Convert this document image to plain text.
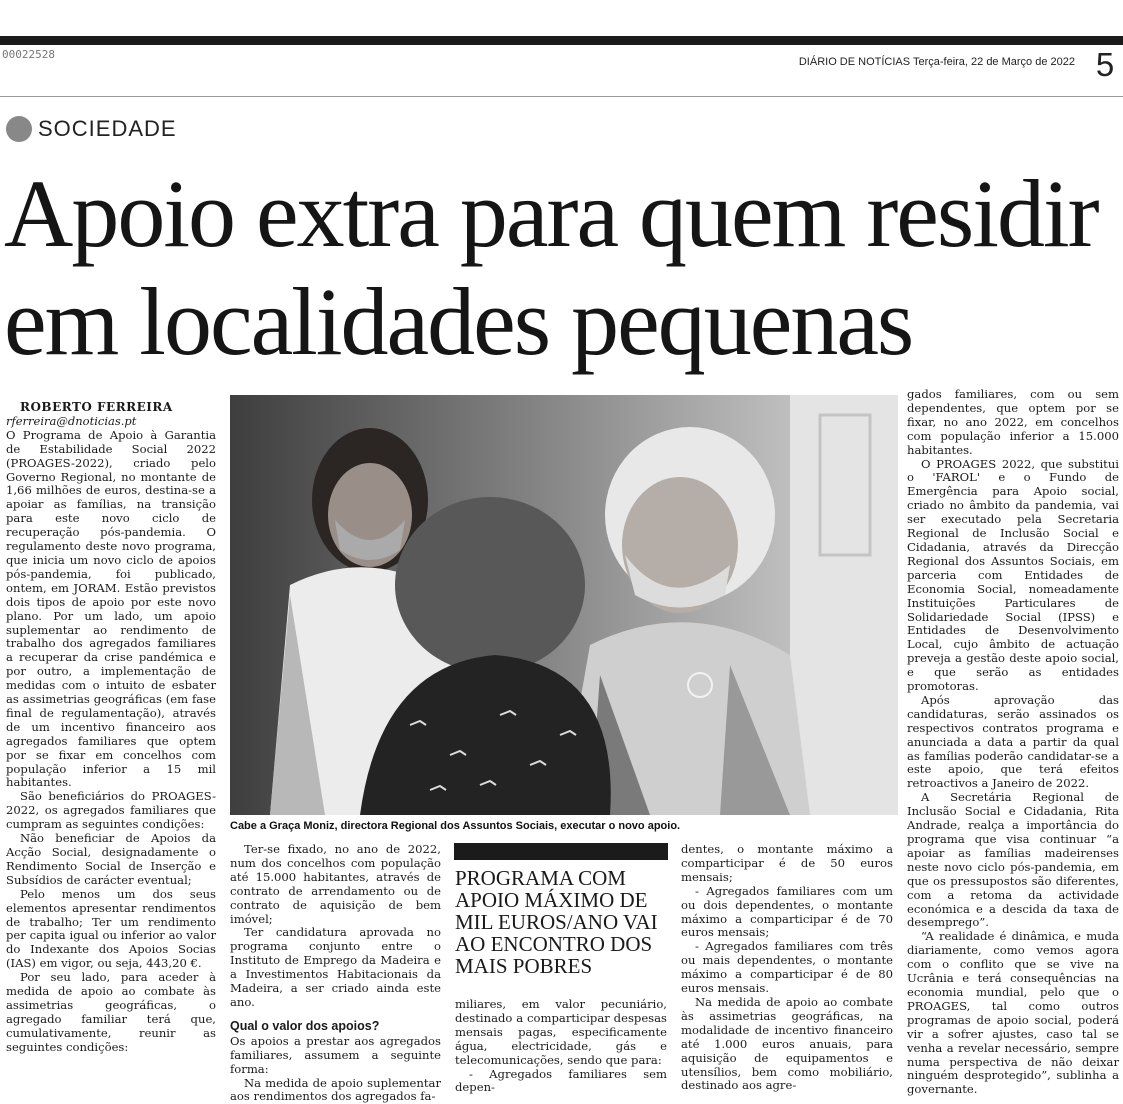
00022528
DIÁRIO DE NOTÍCIAS Terça-feira, 22 de Março de 2022 5
SOCIEDADE
Apoio extra para quem residir em localidades pequenas

ROBERTO FERREIRA

rferreira@dnoticias.pt

O Programa de Apoio à Garantia de Estabilidade Social 2022 (PROAGES-2022), criado pelo Governo Regional, no montante de 1,66 milhões de euros, destina-se a apoiar as famílias, na transição para este novo ciclo de recuperação pós-pandemia. O regulamento deste novo programa, que inicia um novo ciclo de apoios pós-pandemia, foi publicado, ontem, em JORAM. Estão previstos dois tipos de apoio por este novo plano. Por um lado, um apoio suplementar ao rendimento de trabalho dos agregados familiares a recuperar da crise pandémica e por outro, a implementação de medidas com o intuito de esbater as assimetrias geográficas (em fase final de regulamentação), através de um incentivo financeiro aos agregados familiares que optem por se fixar em concelhos com população inferior a 15 mil habitantes.

São beneficiários do PROAGES-2022, os agregados familiares que cumpram as seguintes condições:

Não beneficiar de Apoios da Acção Social, designadamente o Rendimento Social de Inserção e Subsídios de carácter eventual;

Pelo menos um dos seus elementos apresentar rendimentos de trabalho; Ter um rendimento per capita igual ou inferior ao valor do Indexante dos Apoios Socias (IAS) em vigor, ou seja, 443,20 €.

Por seu lado, para aceder à medida de apoio ao combate às assimetrias geográficas, o agregado familiar terá que, cumulativamente, reunir as seguintes condições:

Cabe a Graça Moniz, directora Regional dos Assuntos Sociais, executar o novo apoio.

Ter-se fixado, no ano de 2022, num dos concelhos com população até 15.000 habitantes, através de contrato de arrendamento ou de contrato de aquisição de bem imóvel;

Ter candidatura aprovada no programa conjunto entre o Instituto de Emprego da Madeira e a Investimentos Habitacionais da Madeira, a ser criado ainda este ano.

Qual o valor dos apoios?

Os apoios a prestar aos agregados familiares, assumem a seguinte forma:

Na medida de apoio suplementar aos rendimentos dos agregados fa-

PROGRAMA COM APOIO MÁXIMO DE MIL EUROS/ANO VAI AO ENCONTRO DOS MAIS POBRES

miliares, em valor pecuniário, destinado a comparticipar despesas mensais pagas, especificamente água, electricidade, gás e telecomunicações, sendo que para:

- Agregados familiares sem depen-

dentes, o montante máximo a comparticipar é de 50 euros mensais;

- Agregados familiares com um ou dois dependentes, o montante máximo a comparticipar é de 70 euros mensais;

- Agregados familiares com três ou mais dependentes, o montante máximo a comparticipar é de 80 euros mensais.

Na medida de apoio ao combate às assimetrias geográficas, na modalidade de incentivo financeiro até 1.000 euros anuais, para aquisição de equipamentos e utensílios, bem como mobiliário, destinado aos agre-

gados familiares, com ou sem dependentes, que optem por se fixar, no ano 2022, em concelhos com população inferior a 15.000 habitantes.

O PROAGES 2022, que substitui o 'FAROL' e o Fundo de Emergência para Apoio social, criado no âmbito da pandemia, vai ser executado pela Secretaria Regional de Inclusão Social e Cidadania, através da Direcção Regional dos Assuntos Sociais, em parceria com Entidades de Economia Social, nomeadamente Instituições Particulares de Solidariedade Social (IPSS) e Entidades de Desenvolvimento Local, cujo âmbito de actuação preveja a gestão deste apoio social, e que serão as entidades promotoras.

Após aprovação das candidaturas, serão assinados os respectivos contratos programa e anunciada a data a partir da qual as famílias poderão candidatar-se a este apoio, que terá efeitos retroactivos a Janeiro de 2022.

A Secretária Regional de Inclusão Social e Cidadania, Rita Andrade, realça a importância do programa que visa continuar “a apoiar as famílias madeirenses neste novo ciclo pós-pandemia, em que os pressupostos são diferentes, com a retoma da actividade económica e a descida da taxa de desemprego”.

“A realidade é dinâmica, e muda diariamente, como vemos agora com o conflito que se vive na Ucrânia e terá consequências na economia mundial, pelo que o PROAGES, tal como outros programas de apoio social, poderá vir a sofrer ajustes, caso tal se venha a revelar necessário, sempre numa perspectiva de não deixar ninguém desprotegido”, sublinha a governante.
